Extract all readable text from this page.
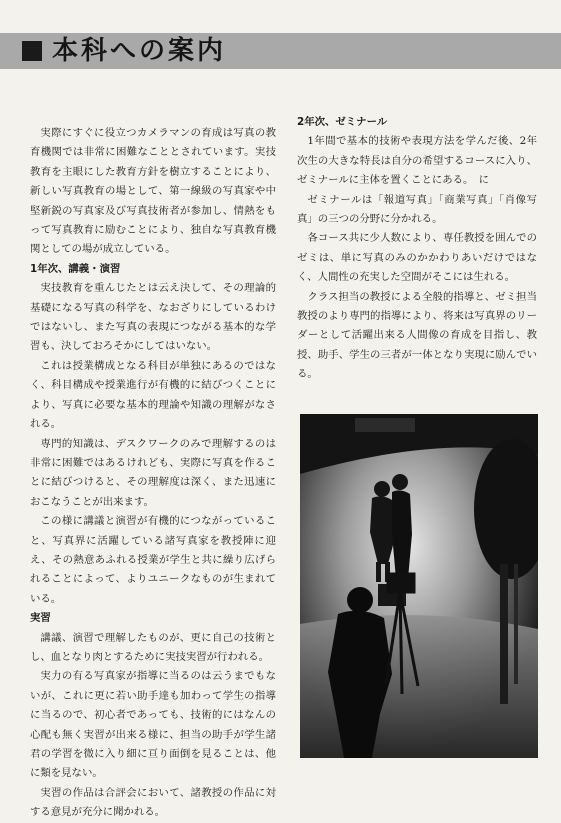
本科への案内

実際にすぐに役立つカメラマンの育成は写真の教育機関では非常に困難なこととされています。実技教育を主眼にした教育方針を樹立することにより、新しい写真教育の場として、第一線級の写真家や中堅新鋭の写真家及び写真技術者が参加し、情熱をもって写真教育に励むことにより、独自な写真教育機関としての場が成立している。

1年次、講義・演習

実技教育を重んじたとは云え決して、その理論的基礎になる写真の科学を、なおざりにしているわけではないし、また写真の表現につながる基本的な学習も、決しておろそかにしてはいない。

これは授業構成となる科目が単独にあるのではなく、科目構成や授業進行が有機的に結びつくことにより、写真に必要な基本的理論や知識の理解がなされる。

専門的知識は、デスクワークのみで理解するのは非常に困難ではあるけれども、実際に写真を作ることに結びつけると、その理解度は深く、また迅速におこなうことが出来ます。

この様に講議と演習が有機的につながっていること、写真界に活躍している諸写真家を教授陣に迎え、その熱意あふれる授業が学生と共に繰り広げられることによって、よりユニークなものが生まれている。

実習

講議、演習で理解したものが、更に自己の技術とし、血となり肉とするために実技実習が行われる。

実力の有る写真家が指導に当るのは云うまでもないが、これに更に若い助手達も加わって学生の指導に当るので、初心者であっても、技術的にはなんの心配も無く実習が出来る様に、担当の助手が学生諸君の学習を微に入り細に亘り面倒を見ることは、他に類を見ない。

実習の作品は合評会において、諸教授の作品に対する意見が充分に聞かれる。

2年次、ゼミナール

1年間で基本的技術や表現方法を学んだ後、2年次生の大きな特長は自分の希望するコースに入り、ゼミナールに主体を置くことにある。　に

ゼミナールは「報道写真」「商業写真」「肖像写真」の三つの分野に分かれる。

各コース共に少人数により、専任教授を囲んでのゼミは、単に写真のみのかかわりあいだけではなく、人間性の充実した空間がそこには生れる。

クラス担当の教授による全般的指導と、ゼミ担当教授のより専門的指導により、将来は写真界のリーダーとして活躍出来る人間像の育成を目指し、教授、助手、学生の三者が一体となり実現に励んでいる。
